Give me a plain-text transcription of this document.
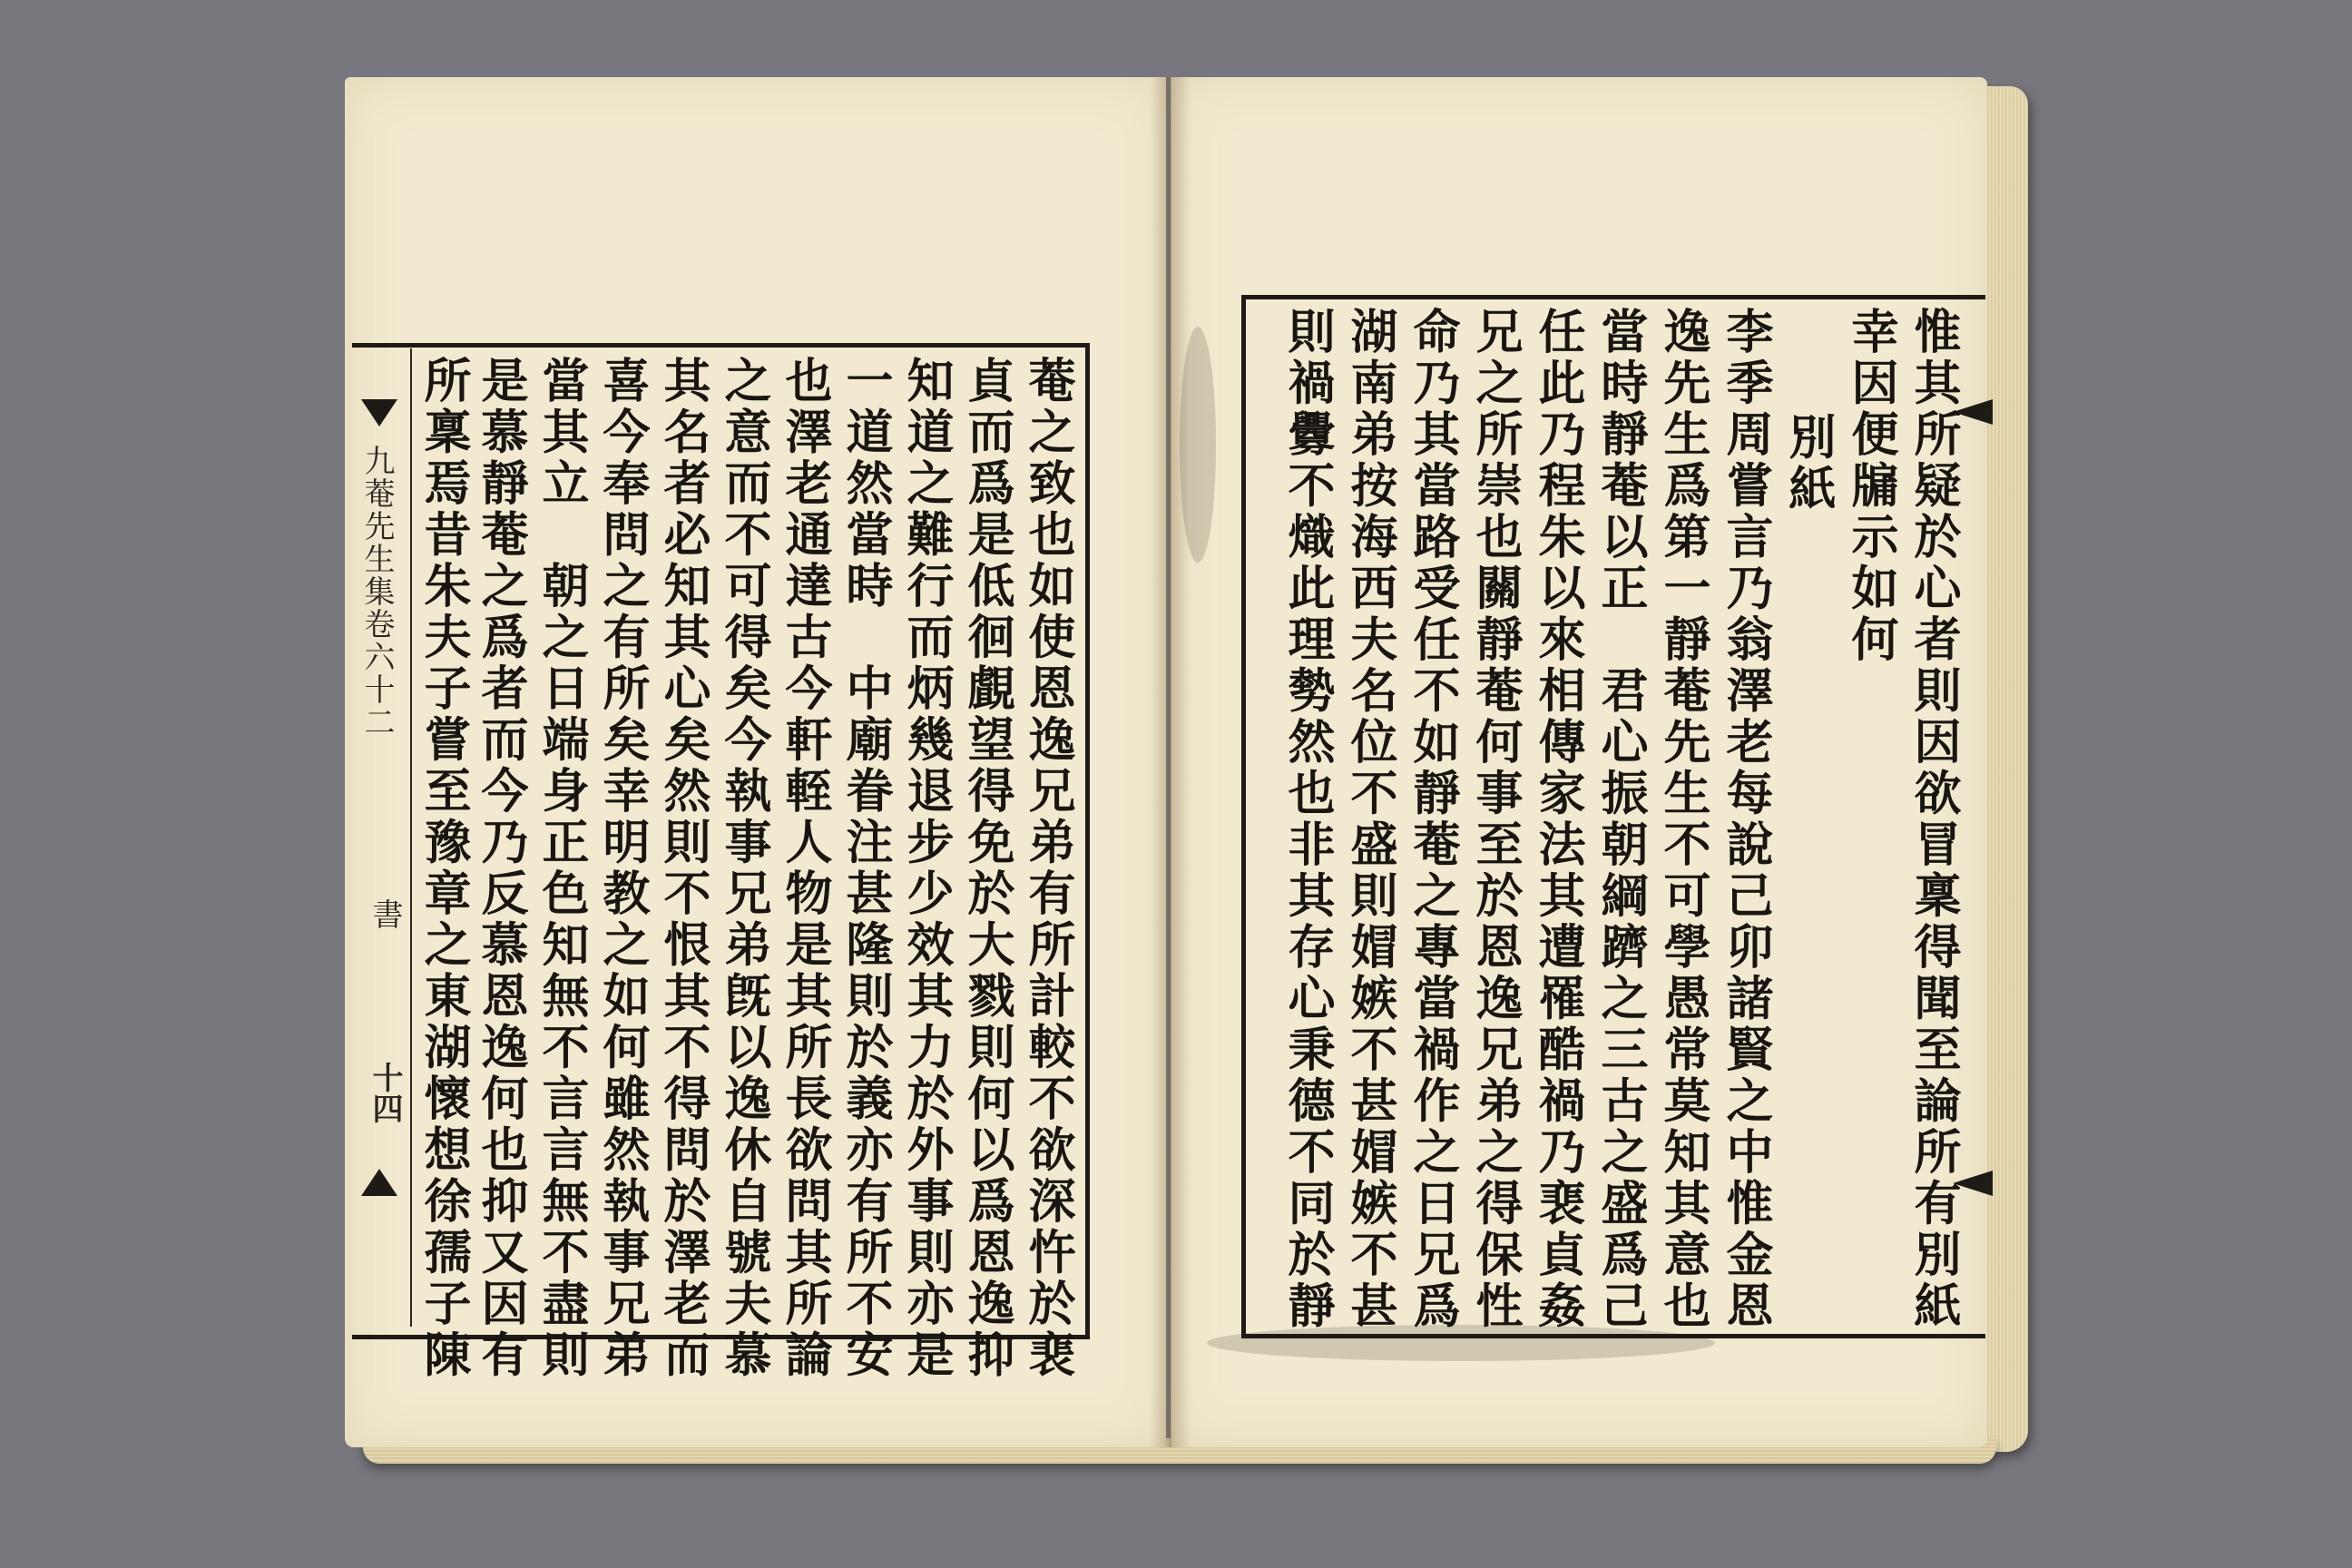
九菴先生集卷六十二
書
十四	菴之致也如使恩逸兄弟有所計較不欲深忤於裵
貞而爲是低徊覰望得免於大戮則何以爲恩逸抑
知道之難行而炳幾退步少效其力於外事則亦是
一道然當時　中廟眷注甚隆則於義亦有所不安
也澤老通達古今軒輊人物是其所長欲問其所論
之意而不可得矣今執事兄弟旣以逸休自號夫慕
其名者必知其心矣然則不恨其不得問於澤老而
喜今奉問之有所矣幸明教之如何雖然執事兄弟
當其立　朝之日端身正色知無不言言無不盡則
是慕靜菴之爲者而今乃反慕恩逸何也抑又因有
所稟焉昔朱夫子嘗至豫章之東湖懷想徐孺子陳	惟其所疑於心者則因欲冒稟得聞至論所有別紙
幸因便牖示如何
　別紙
李季周嘗言乃翁澤老每說己卯諸賢之中惟金恩
逸先生爲第一靜菴先生不可學愚常莫知其意也
當時靜菴以正　君心振朝綱躋之三古之盛爲己
任此乃程朱以來相傳家法其遭罹酷禍乃裵貞姦
兄之所崇也關靜菴何事至於恩逸兄弟之得保性
命乃其當路受任不如靜菴之專當禍作之日兄爲
湖南弟按海西夫名位不盛則媢嫉不甚媢嫉不甚
則禍釁不熾此理勢然也非其存心秉德不同於靜
